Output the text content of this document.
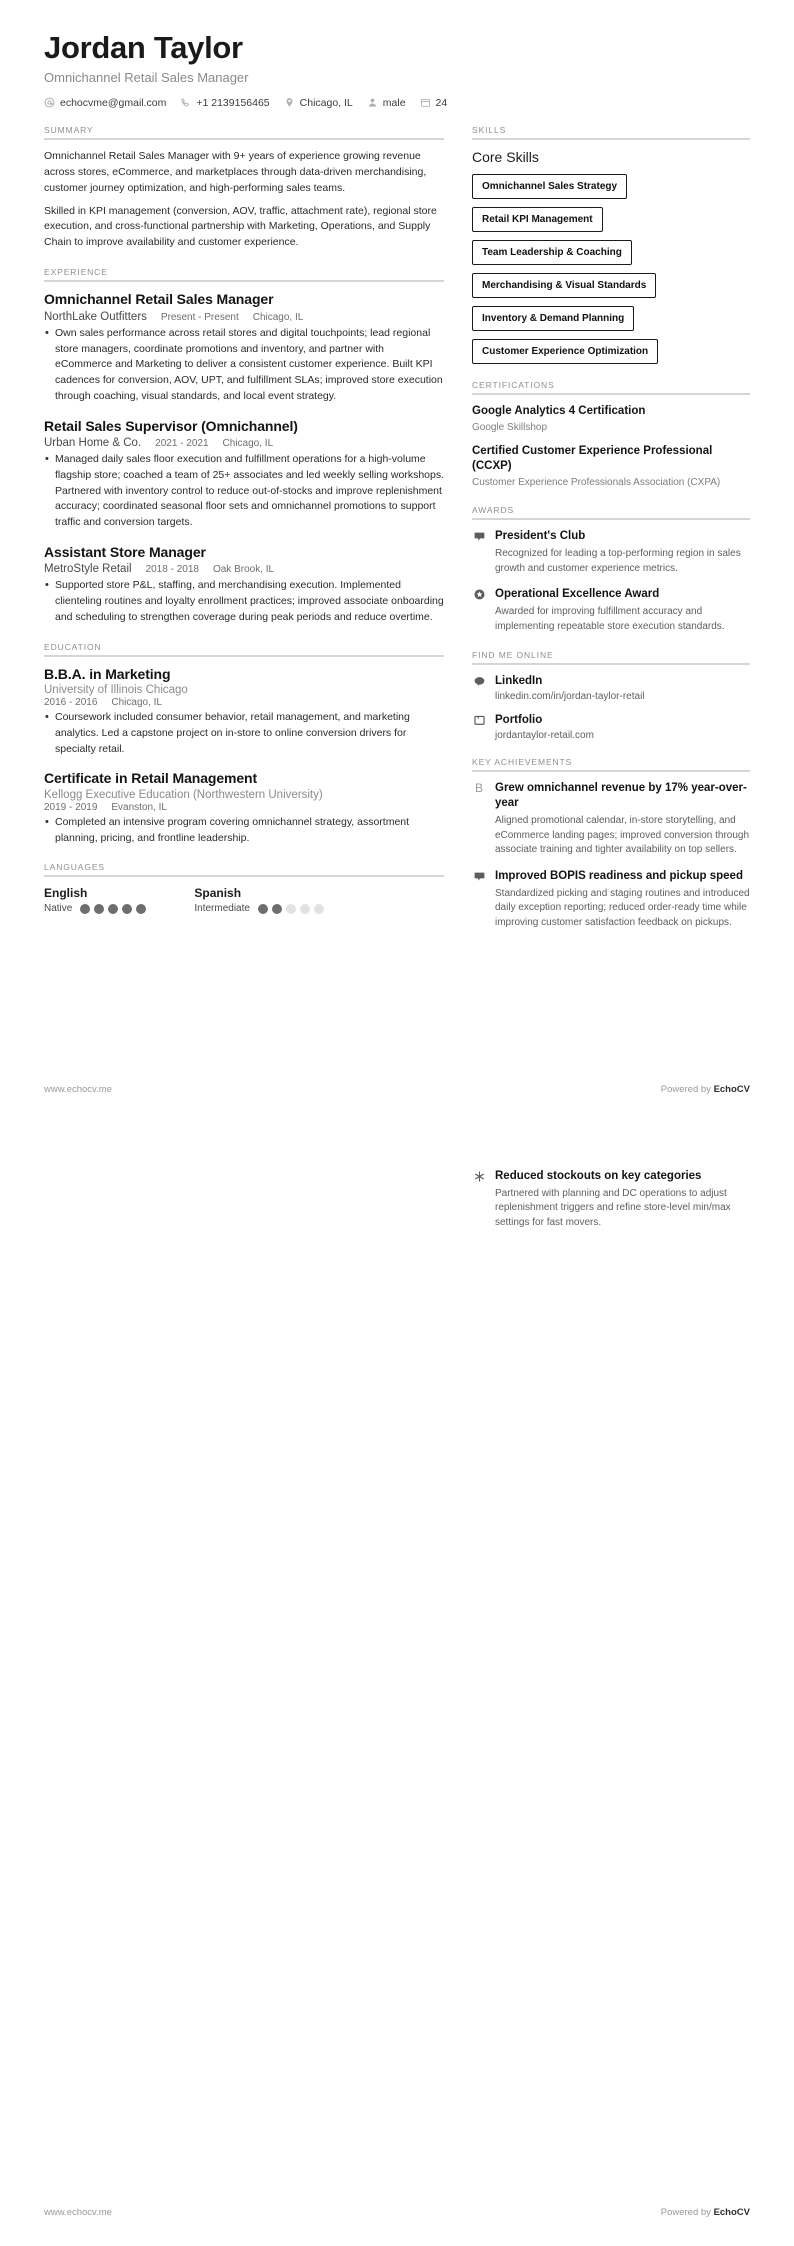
Jordan Taylor
Omnichannel Retail Sales Manager
echocvme@gmail.com	+1 2139156465	Chicago, IL	male	24
SUMMARY

Omnichannel Retail Sales Manager with 9+ years of experience growing revenue across stores, eCommerce, and marketplaces through data-driven merchandising, customer journey optimization, and high-performing sales teams.

Skilled in KPI management (conversion, AOV, traffic, attachment rate), regional store execution, and cross-functional partnership with Marketing, Operations, and Supply Chain to improve availability and customer experience.

EXPERIENCE
Omnichannel Retail Sales Manager
NorthLake Outfitters Present - Present Chicago, IL
• Own sales performance across retail stores and digital touchpoints; lead regional store managers, coordinate promotions and inventory, and partner with eCommerce and Marketing to deliver a consistent customer experience. Built KPI cadences for conversion, AOV, UPT, and fulfillment SLAs; improved store execution through coaching, visual standards, and local event strategy.
Retail Sales Supervisor (Omnichannel)
Urban Home & Co. 2021 - 2021 Chicago, IL
• Managed daily sales floor execution and fulfillment operations for a high-volume flagship store; coached a team of 25+ associates and led weekly selling workshops. Partnered with inventory control to reduce out-of-stocks and improve replenishment accuracy; coordinated seasonal floor sets and omnichannel promotions to support traffic and conversion targets.
Assistant Store Manager
MetroStyle Retail 2018 - 2018 Oak Brook, IL
• Supported store P&L, staffing, and merchandising execution. Implemented clienteling routines and loyalty enrollment practices; improved associate onboarding and scheduling to strengthen coverage during peak periods and reduce overtime.
EDUCATION
B.B.A. in Marketing
University of Illinois Chicago
2016 - 2016 Chicago, IL
• Coursework included consumer behavior, retail management, and marketing analytics. Led a capstone project on in-store to online conversion drivers for specialty retail.
Certificate in Retail Management
Kellogg Executive Education (Northwestern University)
2019 - 2019 Evanston, IL
• Completed an intensive program covering omnichannel strategy, assortment planning, pricing, and frontline leadership.
LANGUAGES
English
Native
Spanish
Intermediate
SKILLS
Core Skills
Omnichannel Sales Strategy
Retail KPI Management
Team Leadership & Coaching
Merchandising & Visual Standards
Inventory & Demand Planning
Customer Experience Optimization
CERTIFICATIONS
Google Analytics 4 Certification
Google Skillshop
Certified Customer Experience Professional (CCXP)
Customer Experience Professionals Association (CXPA)
AWARDS
President's Club
Recognized for leading a top-performing region in sales growth and customer experience metrics.
Operational Excellence Award
Awarded for improving fulfillment accuracy and implementing repeatable store execution standards.
FIND ME ONLINE
LinkedIn
linkedin.com/in/jordan-taylor-retail
Portfolio
jordantaylor-retail.com
KEY ACHIEVEMENTS
B Grew omnichannel revenue by 17% year-over-year
Aligned promotional calendar, in-store storytelling, and eCommerce landing pages; improved conversion through associate training and tighter availability on top sellers.
Improved BOPIS readiness and pickup speed
Standardized picking and staging routines and introduced daily exception reporting; reduced order-ready time while improving customer satisfaction feedback on pickups.
www.echocv.me	Powered by EchoCV
Reduced stockouts on key categories
Partnered with planning and DC operations to adjust replenishment triggers and refine store-level min/max settings for fast movers.
www.echocv.me	Powered by EchoCV
